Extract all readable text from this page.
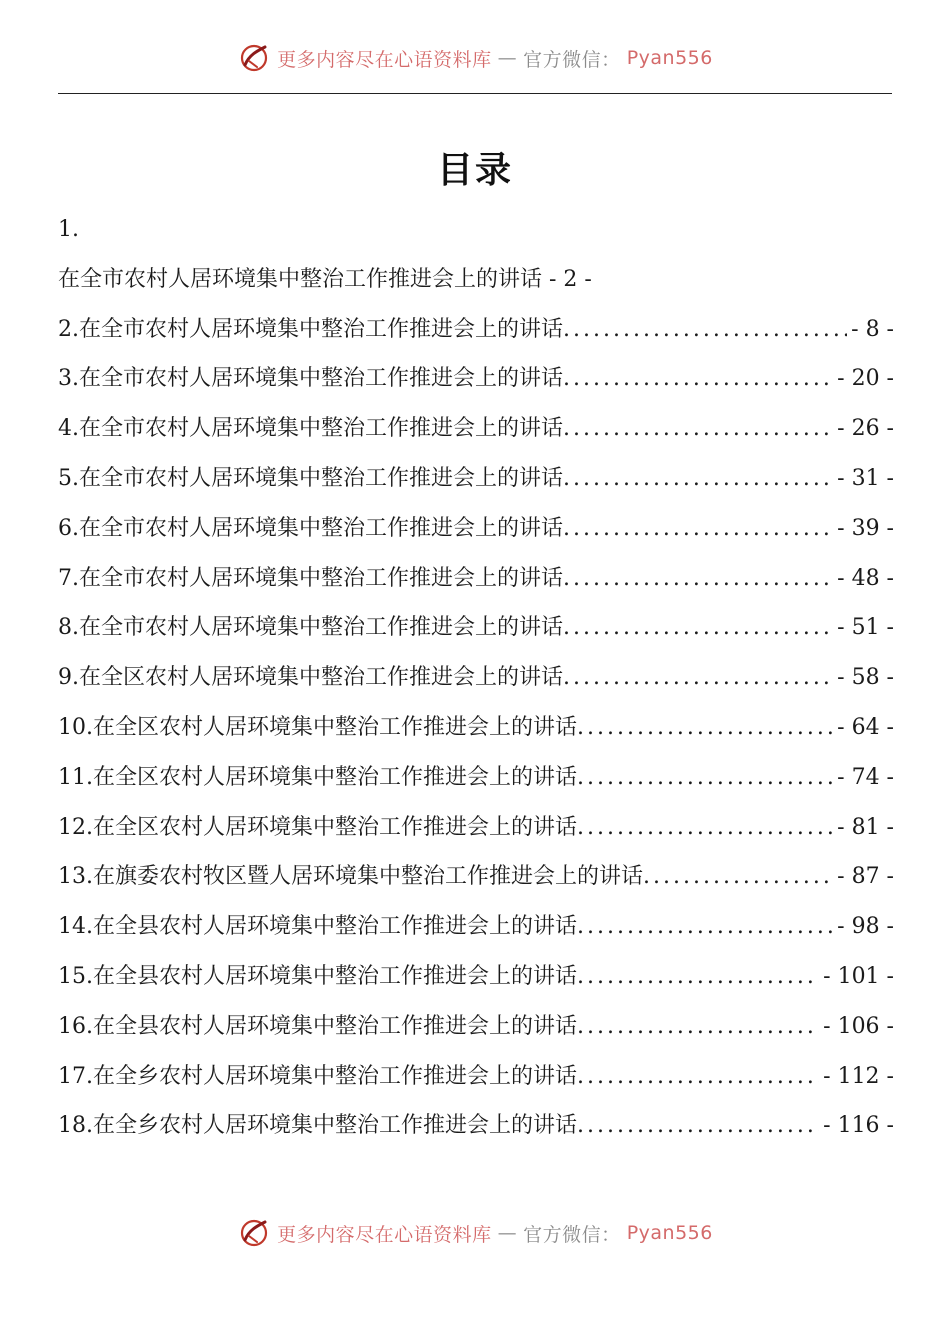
更多内容尽在心语资料库 — 官方微信： Pyan556
目录
1.
在全市农村人居环境集中整治工作推进会上的讲话 - 2 -
2.在全市农村人居环境集中整治工作推进会上的讲话 .....	- 8 -
3.在全市农村人居环境集中整治工作推进会上的讲话 .....	- 20 -
4.在全市农村人居环境集中整治工作推进会上的讲话 .....	- 26 -
5.在全市农村人居环境集中整治工作推进会上的讲话 .....	- 31 -
6.在全市农村人居环境集中整治工作推进会上的讲话 .....	- 39 -
7.在全市农村人居环境集中整治工作推进会上的讲话 .....	- 48 -
8.在全市农村人居环境集中整治工作推进会上的讲话 .....	- 51 -
9.在全区农村人居环境集中整治工作推进会上的讲话 .....	- 58 -
10.在全区农村人居环境集中整治工作推进会上的讲话 .....	- 64 -
11.在全区农村人居环境集中整治工作推进会上的讲话 .....	- 74 -
12.在全区农村人居环境集中整治工作推进会上的讲话 .....	- 81 -
13.在旗委农村牧区暨人居环境集中整治工作推进会上的讲话 .....	- 87 -
14.在全县农村人居环境集中整治工作推进会上的讲话 .....	- 98 -
15.在全县农村人居环境集中整治工作推进会上的讲话 .....	- 101 -
16.在全县农村人居环境集中整治工作推进会上的讲话 .....	- 106 -
17.在全乡农村人居环境集中整治工作推进会上的讲话 .....	- 112 -
18.在全乡农村人居环境集中整治工作推进会上的讲话 .....	- 116 -
更多内容尽在心语资料库 — 官方微信： Pyan556
